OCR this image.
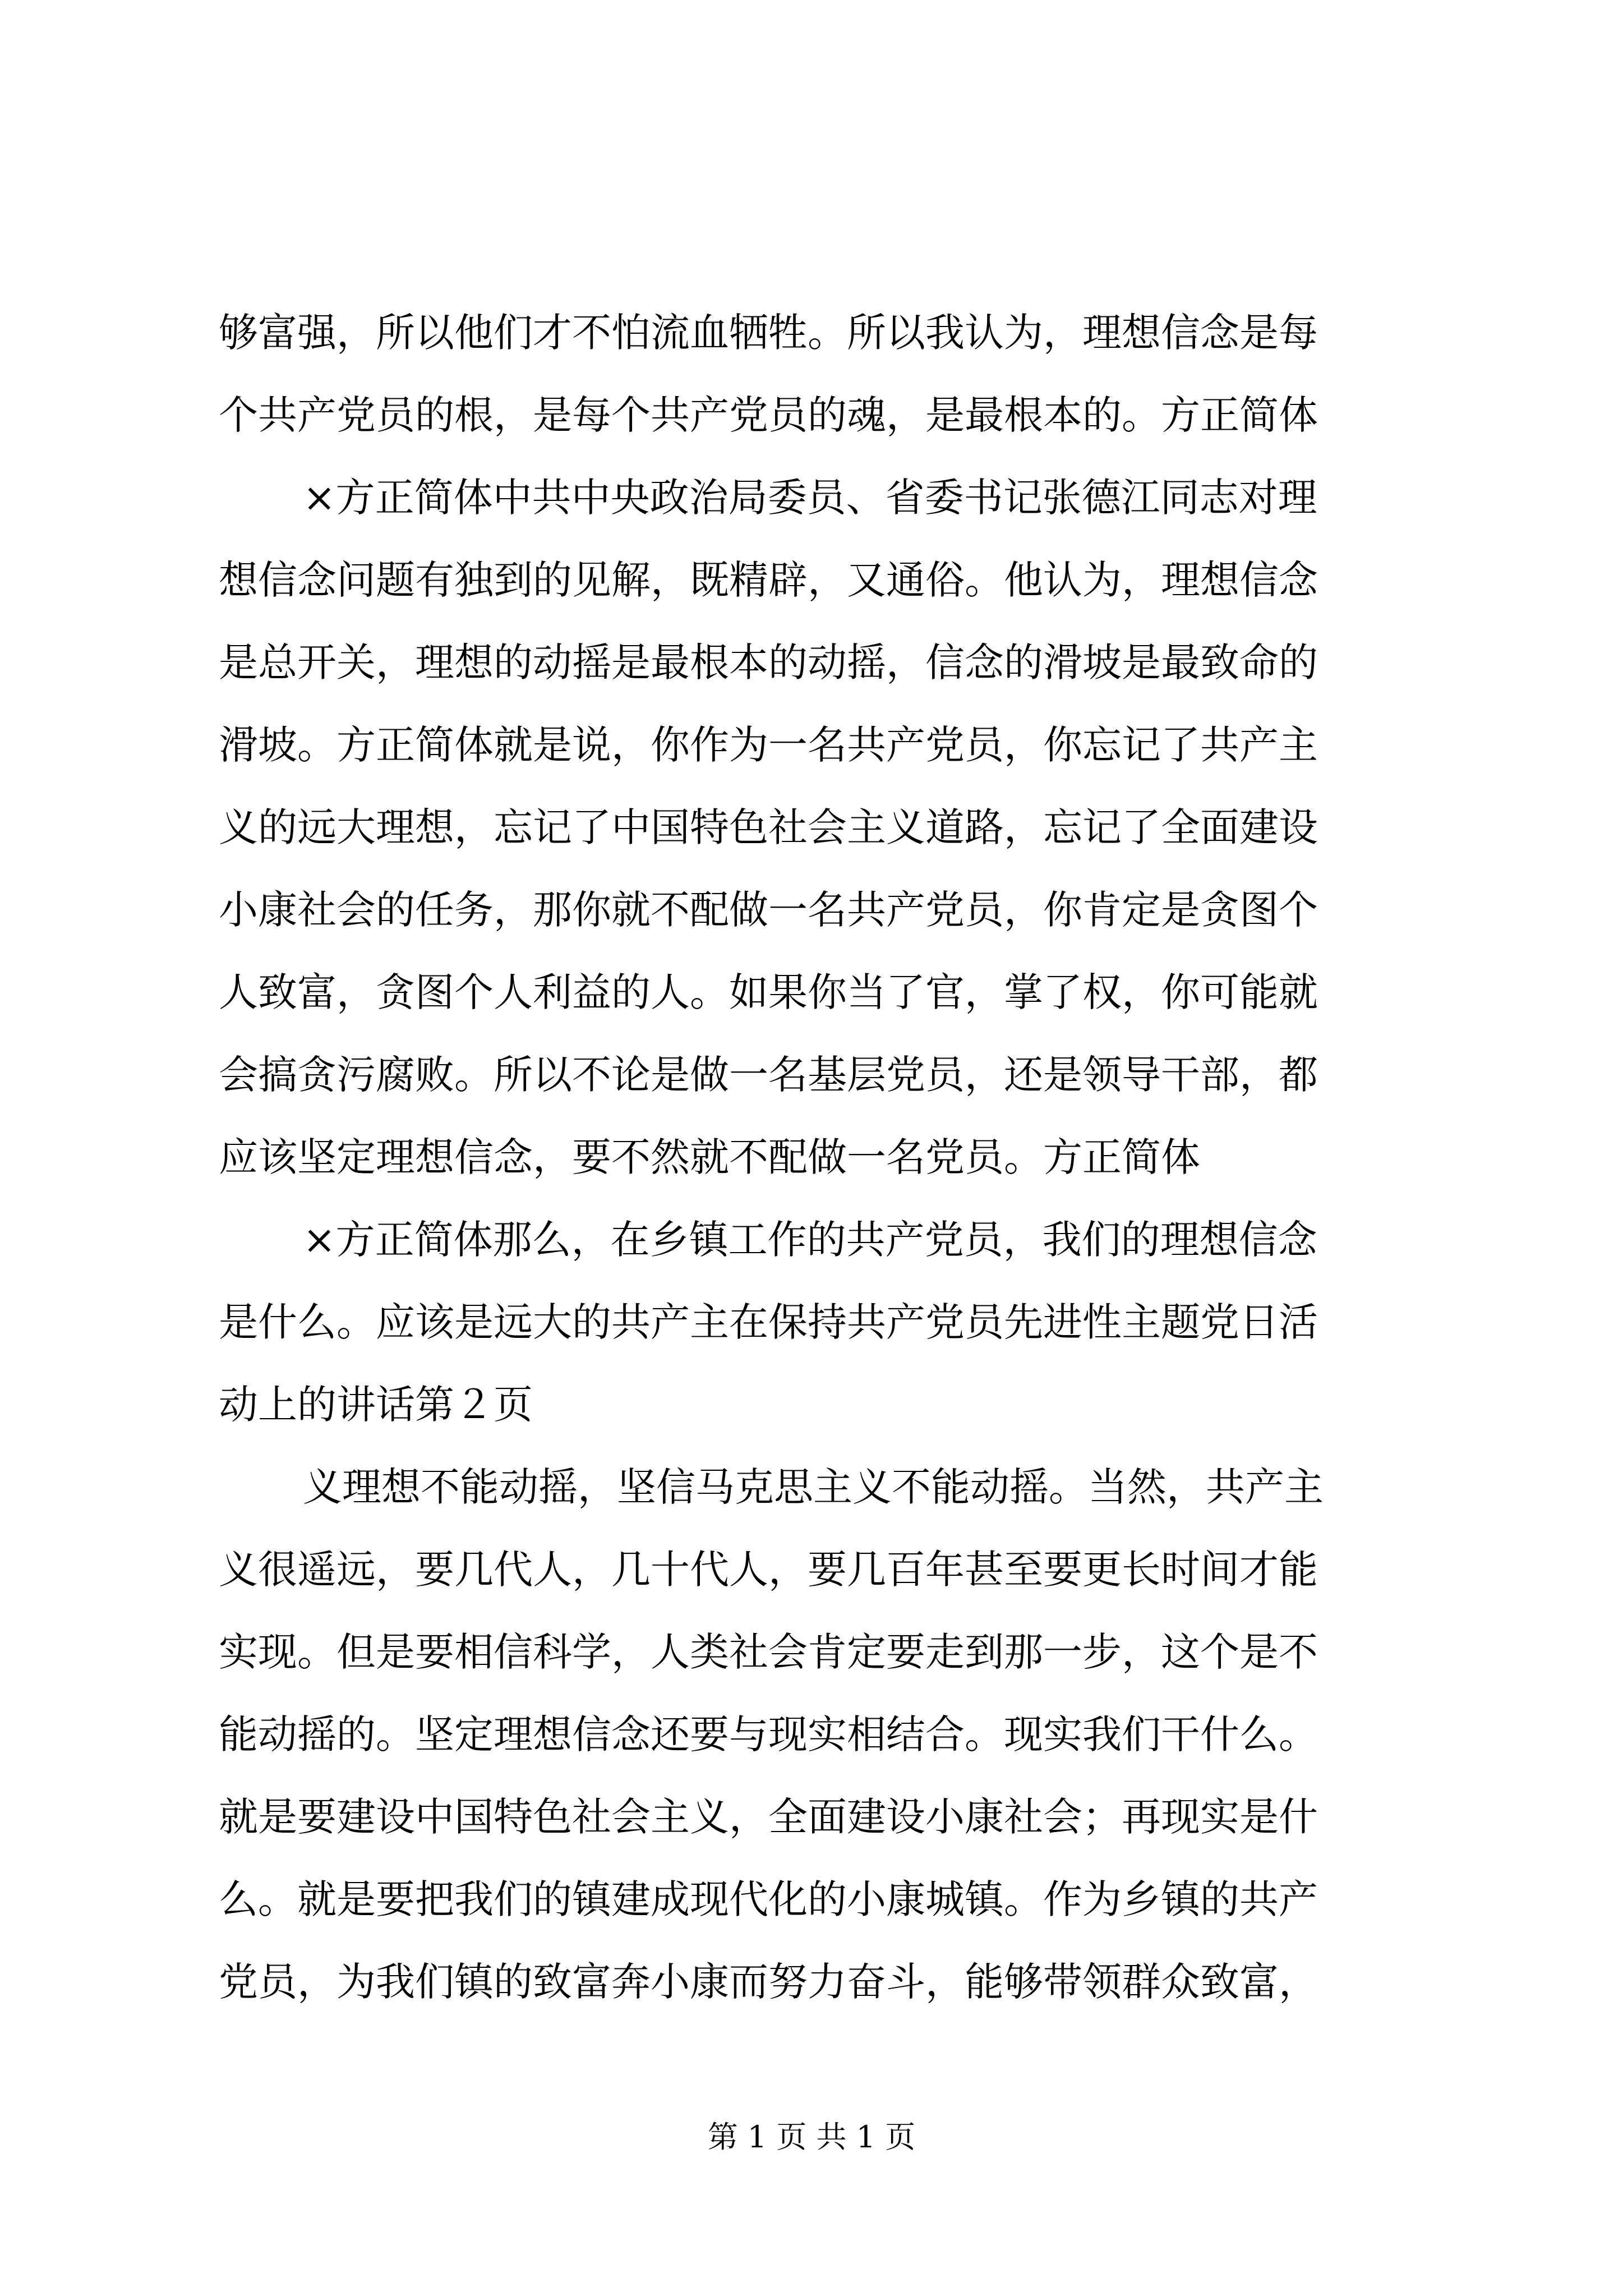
够富强，所以他们才不怕流血牺牲。所以我认为，理想信念是每
个共产党员的根，是每个共产党员的魂，是最根本的。方正简体
×方正简体中共中央政治局委员、省委书记张德江同志对理
想信念问题有独到的见解，既精辟，又通俗。他认为，理想信念
是总开关，理想的动摇是最根本的动摇，信念的滑坡是最致命的
滑坡。方正简体就是说，你作为一名共产党员，你忘记了共产主
义的远大理想，忘记了中国特色社会主义道路，忘记了全面建设
小康社会的任务，那你就不配做一名共产党员，你肯定是贪图个
人致富，贪图个人利益的人。如果你当了官，掌了权，你可能就
会搞贪污腐败。所以不论是做一名基层党员，还是领导干部，都
应该坚定理想信念，要不然就不配做一名党员。方正简体
×方正简体那么，在乡镇工作的共产党员，我们的理想信念
是什么。应该是远大的共产主在保持共产党员先进性主题党日活
动上的讲话第２页
义理想不能动摇，坚信马克思主义不能动摇。当然，共产主
义很遥远，要几代人，几十代人，要几百年甚至要更长时间才能
实现。但是要相信科学，人类社会肯定要走到那一步，这个是不
能动摇的。坚定理想信念还要与现实相结合。现实我们干什么。
就是要建设中国特色社会主义，全面建设小康社会；再现实是什
么。就是要把我们的镇建成现代化的小康城镇。作为乡镇的共产
党员，为我们镇的致富奔小康而努力奋斗，能够带领群众致富，
第 1 页 共 1 页
